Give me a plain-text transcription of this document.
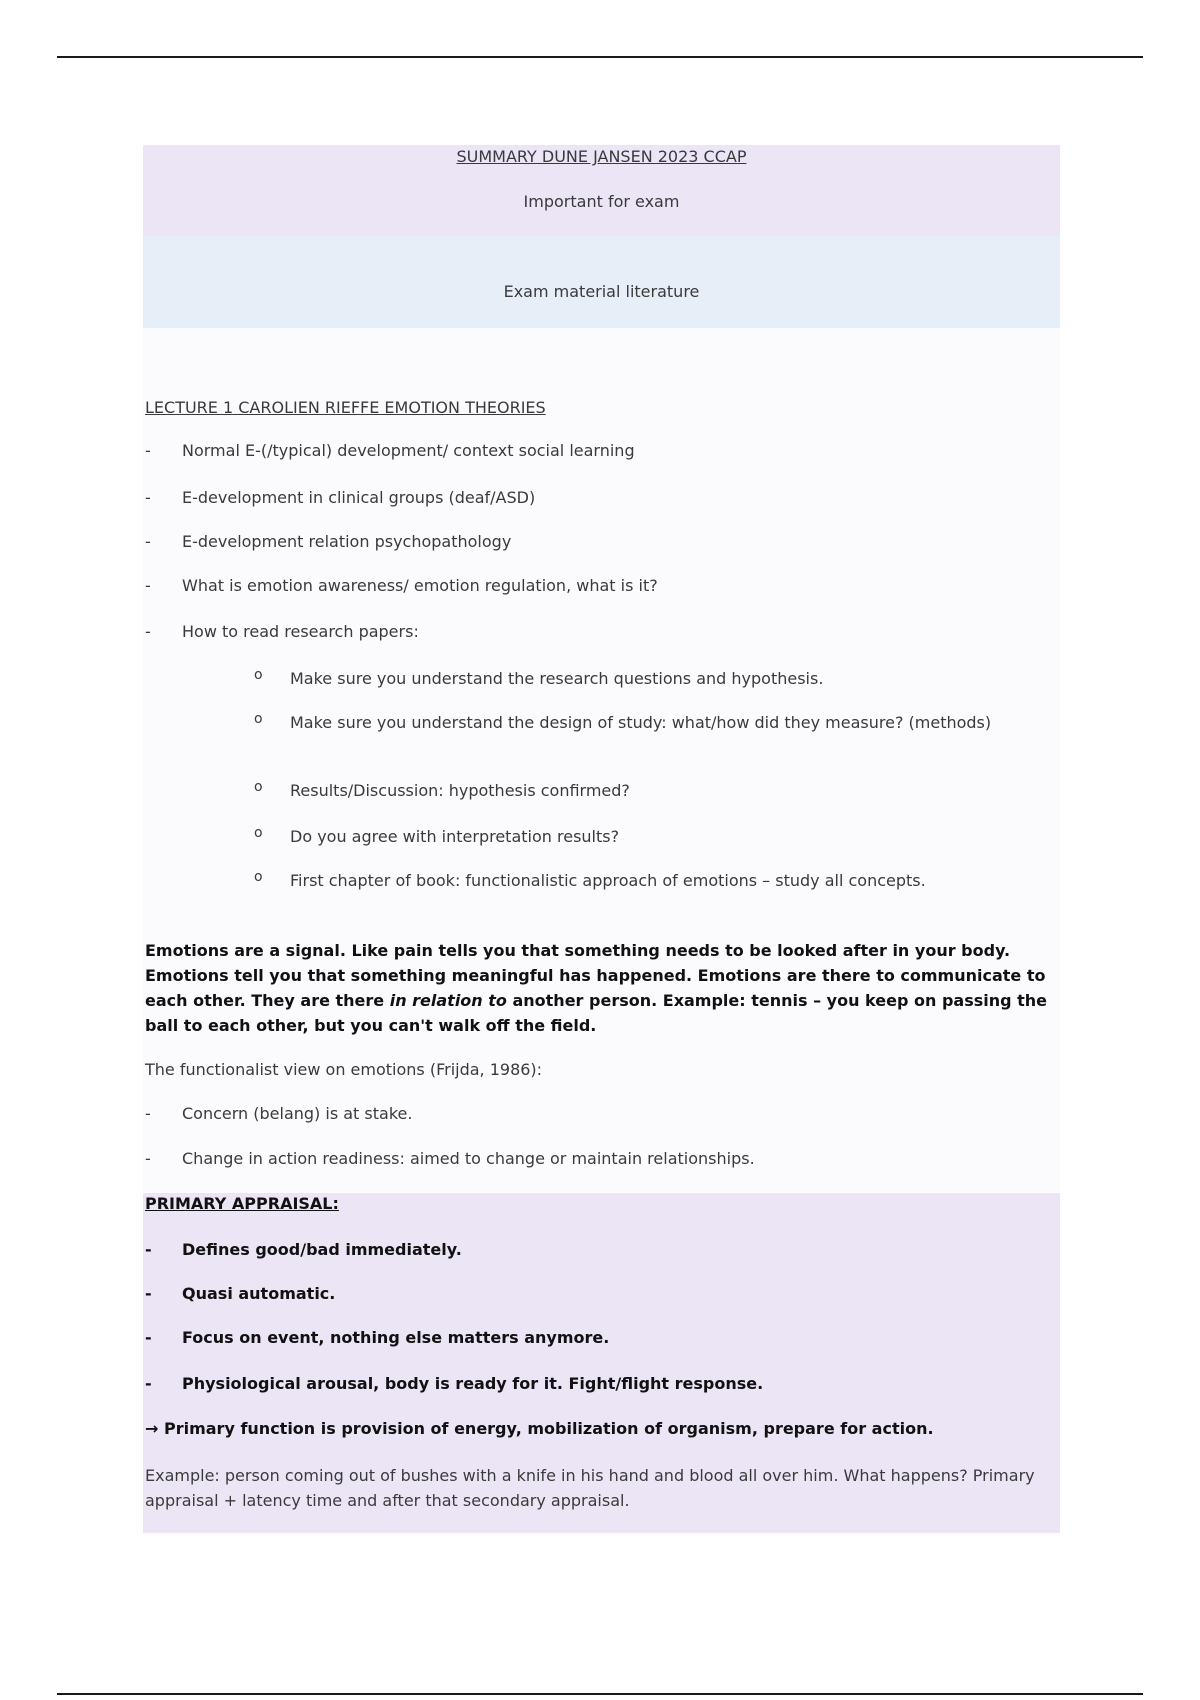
SUMMARY DUNE JANSEN 2023 CCAP
Important for exam
Exam material literature
LECTURE 1 CAROLIEN RIEFFE EMOTION THEORIES
- Normal E-(/typical) development/ context social learning
- E-development in clinical groups (deaf/ASD)
- E-development relation psychopathology
- What is emotion awareness/ emotion regulation, what is it?
- How to read research papers:
o Make sure you understand the research questions and hypothesis.
o Make sure you understand the design of study: what/how did they measure? (methods)
o Results/Discussion: hypothesis confirmed?
o Do you agree with interpretation results?
o First chapter of book: functionalistic approach of emotions – study all concepts.
Emotions are a signal. Like pain tells you that something needs to be looked after in your body. Emotions tell you that something meaningful has happened. Emotions are there to communicate to each other. They are there in relation to another person. Example: tennis – you keep on passing the ball to each other, but you can't walk off the field.
The functionalist view on emotions (Frijda, 1986):
- Concern (belang) is at stake.
- Change in action readiness: aimed to change or maintain relationships.
PRIMARY APPRAISAL:
- Defines good/bad immediately.
- Quasi automatic.
- Focus on event, nothing else matters anymore.
- Physiological arousal, body is ready for it. Fight/flight response.
→ Primary function is provision of energy, mobilization of organism, prepare for action.
Example: person coming out of bushes with a knife in his hand and blood all over him. What happens? Primary appraisal + latency time and after that secondary appraisal.
